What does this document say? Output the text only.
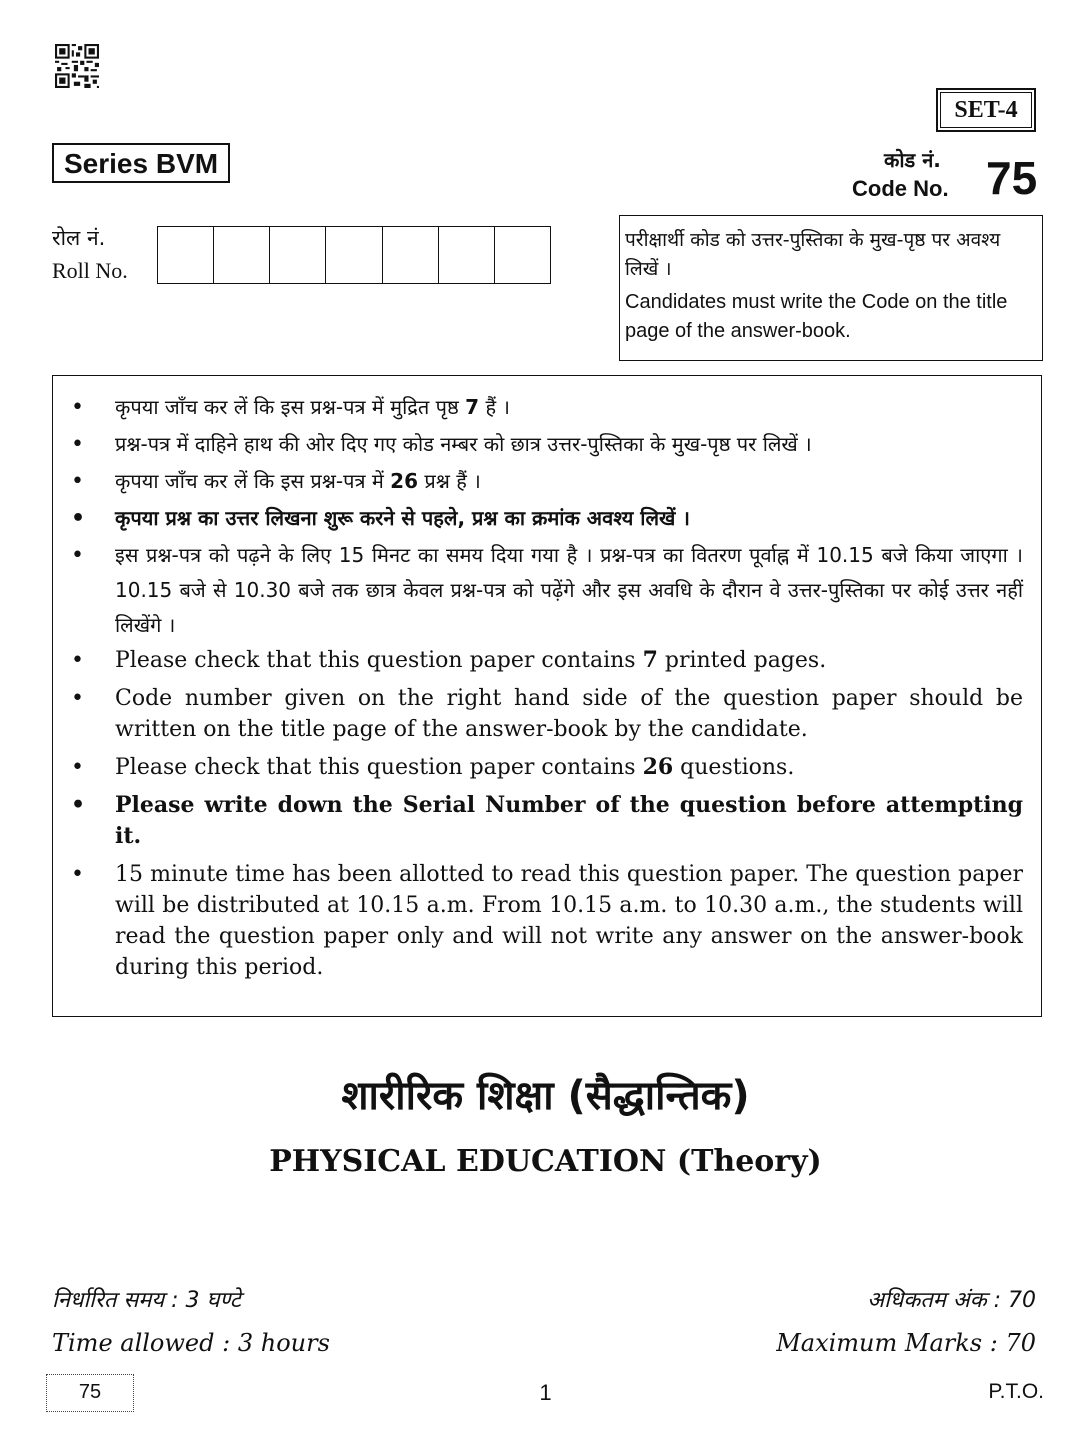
SET-4
Series BVM	कोड नं.
Code No. 75
रोल नं.
Roll No.
परीक्षार्थी कोड को उत्तर-पुस्तिका के मुख-पृष्ठ पर अवश्य लिखें ।
Candidates must write the Code on the title page of the answer-book.
• कृपया जाँच कर लें कि इस प्रश्न-पत्र में मुद्रित पृष्ठ 7 हैं ।
• प्रश्न-पत्र में दाहिने हाथ की ओर दिए गए कोड नम्बर को छात्र उत्तर-पुस्तिका के मुख-पृष्ठ पर लिखें ।
• कृपया जाँच कर लें कि इस प्रश्न-पत्र में 26 प्रश्न हैं ।
• कृपया प्रश्न का उत्तर लिखना शुरू करने से पहले, प्रश्न का क्रमांक अवश्य लिखें ।
• इस प्रश्न-पत्र को पढ़ने के लिए 15 मिनट का समय दिया गया है । प्रश्न-पत्र का वितरण पूर्वाह्न में 10.15 बजे किया जाएगा । 10.15 बजे से 10.30 बजे तक छात्र केवल प्रश्न-पत्र को पढ़ेंगे और इस अवधि के दौरान वे उत्तर-पुस्तिका पर कोई उत्तर नहीं लिखेंगे ।
• Please check that this question paper contains 7 printed pages.
• Code number given on the right hand side of the question paper should be written on the title page of the answer-book by the candidate.
• Please check that this question paper contains 26 questions.
• Please write down the Serial Number of the question before attempting it.
• 15 minute time has been allotted to read this question paper. The question paper will be distributed at 10.15 a.m. From 10.15 a.m. to 10.30 a.m., the students will read the question paper only and will not write any answer on the answer-book during this period.
शारीरिक शिक्षा (सैद्धान्तिक)
PHYSICAL EDUCATION (Theory)
निर्धारित समय : 3 घण्टे
Time allowed : 3 hours
अधिकतम अंक : 70
Maximum Marks : 70
75	1	P.T.O.
